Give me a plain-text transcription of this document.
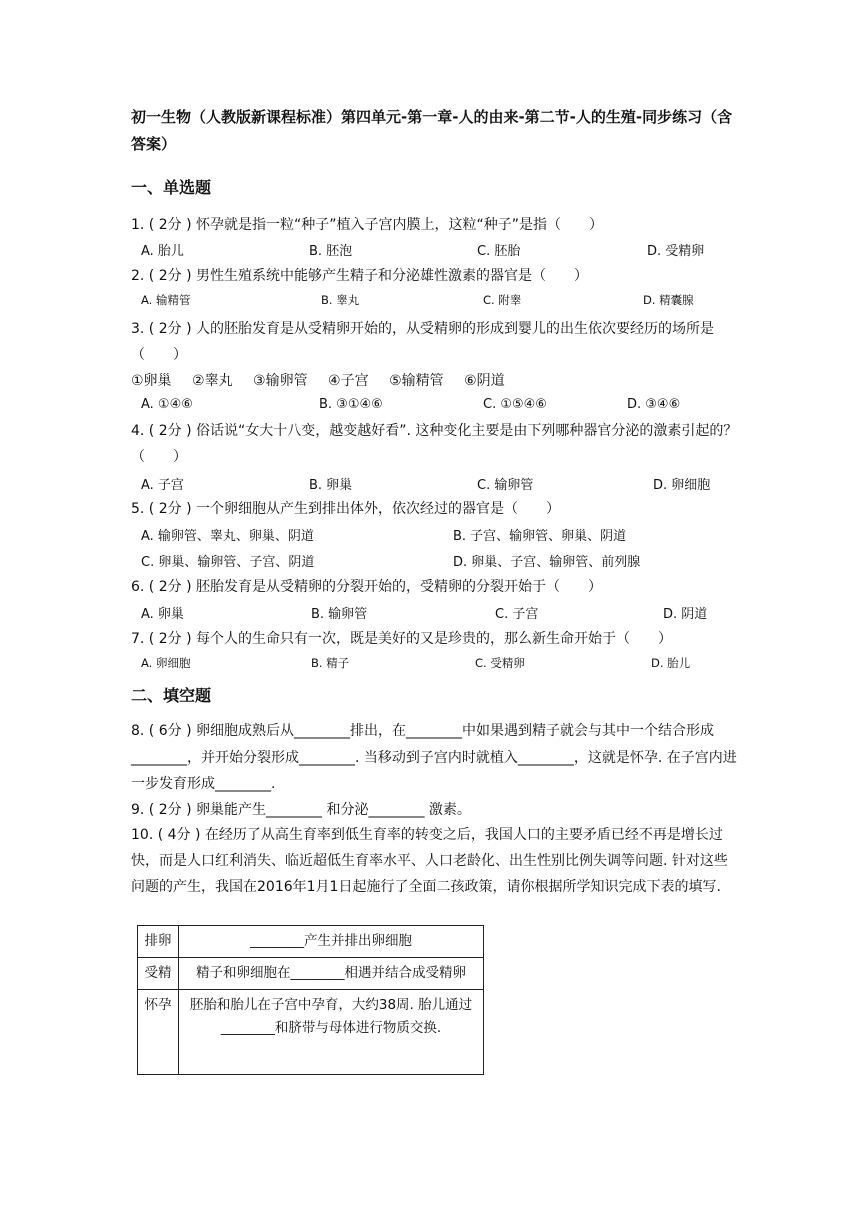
初一生物（人教版新课程标准）第四单元-第一章-人的由来-第二节-人的生殖-同步练习（含答案）
一、单选题
1. ( 2分 ) 怀孕就是指一粒“种子”植入子宫内膜上，这粒“种子”是指（　　）
A. 胎儿	B. 胚泡	C. 胚胎	D. 受精卵
2. ( 2分 ) 男性生殖系统中能够产生精子和分泌雄性激素的器官是（　　）
A. 输精管	B. 睾丸	C. 附睾	D. 精囊腺
3. ( 2分 ) 人的胚胎发育是从受精卵开始的，从受精卵的形成到婴儿的出生依次要经历的场所是（　　）
①卵巢 ②睾丸 ③输卵管 ④子宫 ⑤输精管 ⑥阴道
A. ①④⑥	B. ③①④⑥	C. ①⑤④⑥	D. ③④⑥
4. ( 2分 ) 俗话说“女大十八变，越变越好看”. 这种变化主要是由下列哪种器官分泌的激素引起的？（　　）
A. 子宫	B. 卵巢	C. 输卵管	D. 卵细胞
5. ( 2分 ) 一个卵细胞从产生到排出体外，依次经过的器官是（　　）
A. 输卵管、睾丸、卵巢、阴道	B. 子宫、输卵管、卵巢、阴道
C. 卵巢、输卵管、子宫、阴道	D. 卵巢、子宫、输卵管、前列腺
6. ( 2分 ) 胚胎发育是从受精卵的分裂开始的，受精卵的分裂开始于（　　）
A. 卵巢	B. 输卵管	C. 子宫	D. 阴道
7. ( 2分 ) 每个人的生命只有一次，既是美好的又是珍贵的，那么新生命开始于（　　）
A. 卵细胞	B. 精子	C. 受精卵	D. 胎儿
二、填空题
8. ( 6分 ) 卵细胞成熟后从________排出，在________中如果遇到精子就会与其中一个结合形成________，并开始分裂形成________. 当移动到子宫内时就植入________，这就是怀孕. 在子宫内进一步发育形成________.
9. ( 2分 ) 卵巢能产生________ 和分泌________ 激素。
10. ( 4分 ) 在经历了从高生育率到低生育率的转变之后，我国人口的主要矛盾已经不再是增长过快，而是人口红利消失、临近超低生育率水平、人口老龄化、出生性别比例失调等问题. 针对这些问题的产生，我国在2016年1月1日起施行了全面二孩政策，请你根据所学知识完成下表的填写.
排卵	________产生并排出卵细胞
受精	精子和卵细胞在________相遇并结合成受精卵
怀孕	胚胎和胎儿在子宫中孕育，大约38周. 胎儿通过________和脐带与母体进行物质交换.
